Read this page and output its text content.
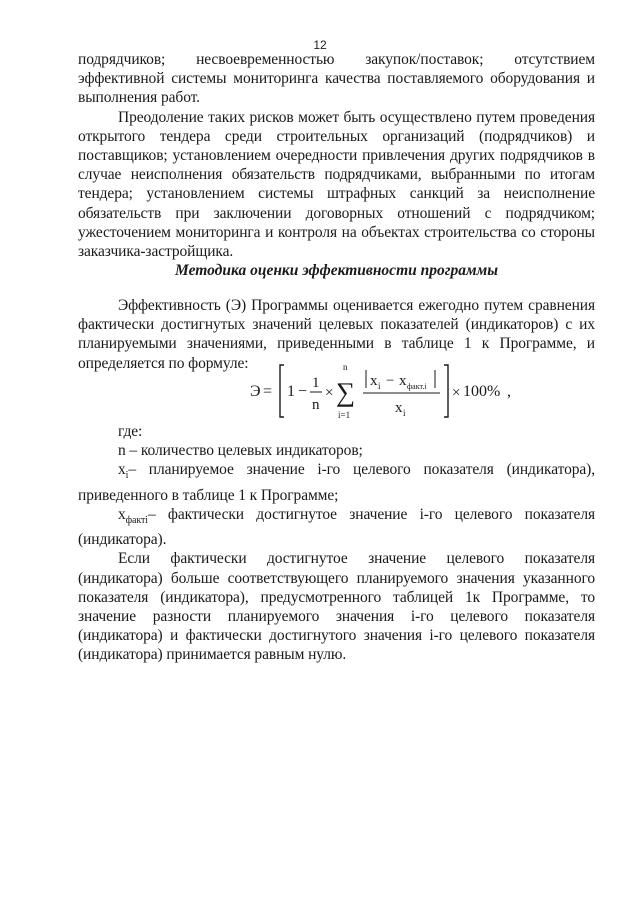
12

подрядчиков; несвоевременностью закупок/поставок; отсутствием эффективной системы мониторинга качества поставляемого оборудования и выполнения работ.

Преодоление таких рисков может быть осуществлено путем проведения открытого тендера среди строительных организаций (подрядчиков) и поставщиков; установлением очередности привлечения других подрядчиков в случае неисполнения обязательств подрядчиками, выбранными по итогам тендера; установлением системы штрафных санкций за неисполнение обязательств при заключении договорных отношений с подрядчиком; ужесточением мониторинга и контроля на объектах строительства со стороны заказчика-застройщика.

Методика оценки эффективности программы

Эффективность (Э) Программы оценивается ежегодно путем сравнения фактически достигнутых значений целевых показателей (индикаторов) с их планируемыми значениями, приведенными в таблице 1 к Программе, и определяется по формуле:

Э = 1 − 1
n
×
n
∑
i=1
x i − x факт.i
x i
× 100% ,

где:

n – количество целевых индикаторов;

$x_i-$ планируемое значение i-го целевого показателя (индикатора), приведенного в таблице 1 к Программе;

$x_{фактi}-$ фактически достигнутое значение i-го целевого показателя (индикатора).

Если фактически достигнутое значение целевого показателя (индикатора) больше соответствующего планируемого значения указанного показателя (индикатора), предусмотренного таблицей 1к Программе, то значение разности планируемого значения i-го целевого показателя (индикатора) и фактически достигнутого значения i-го целевого показателя (индикатора) принимается равным нулю.
